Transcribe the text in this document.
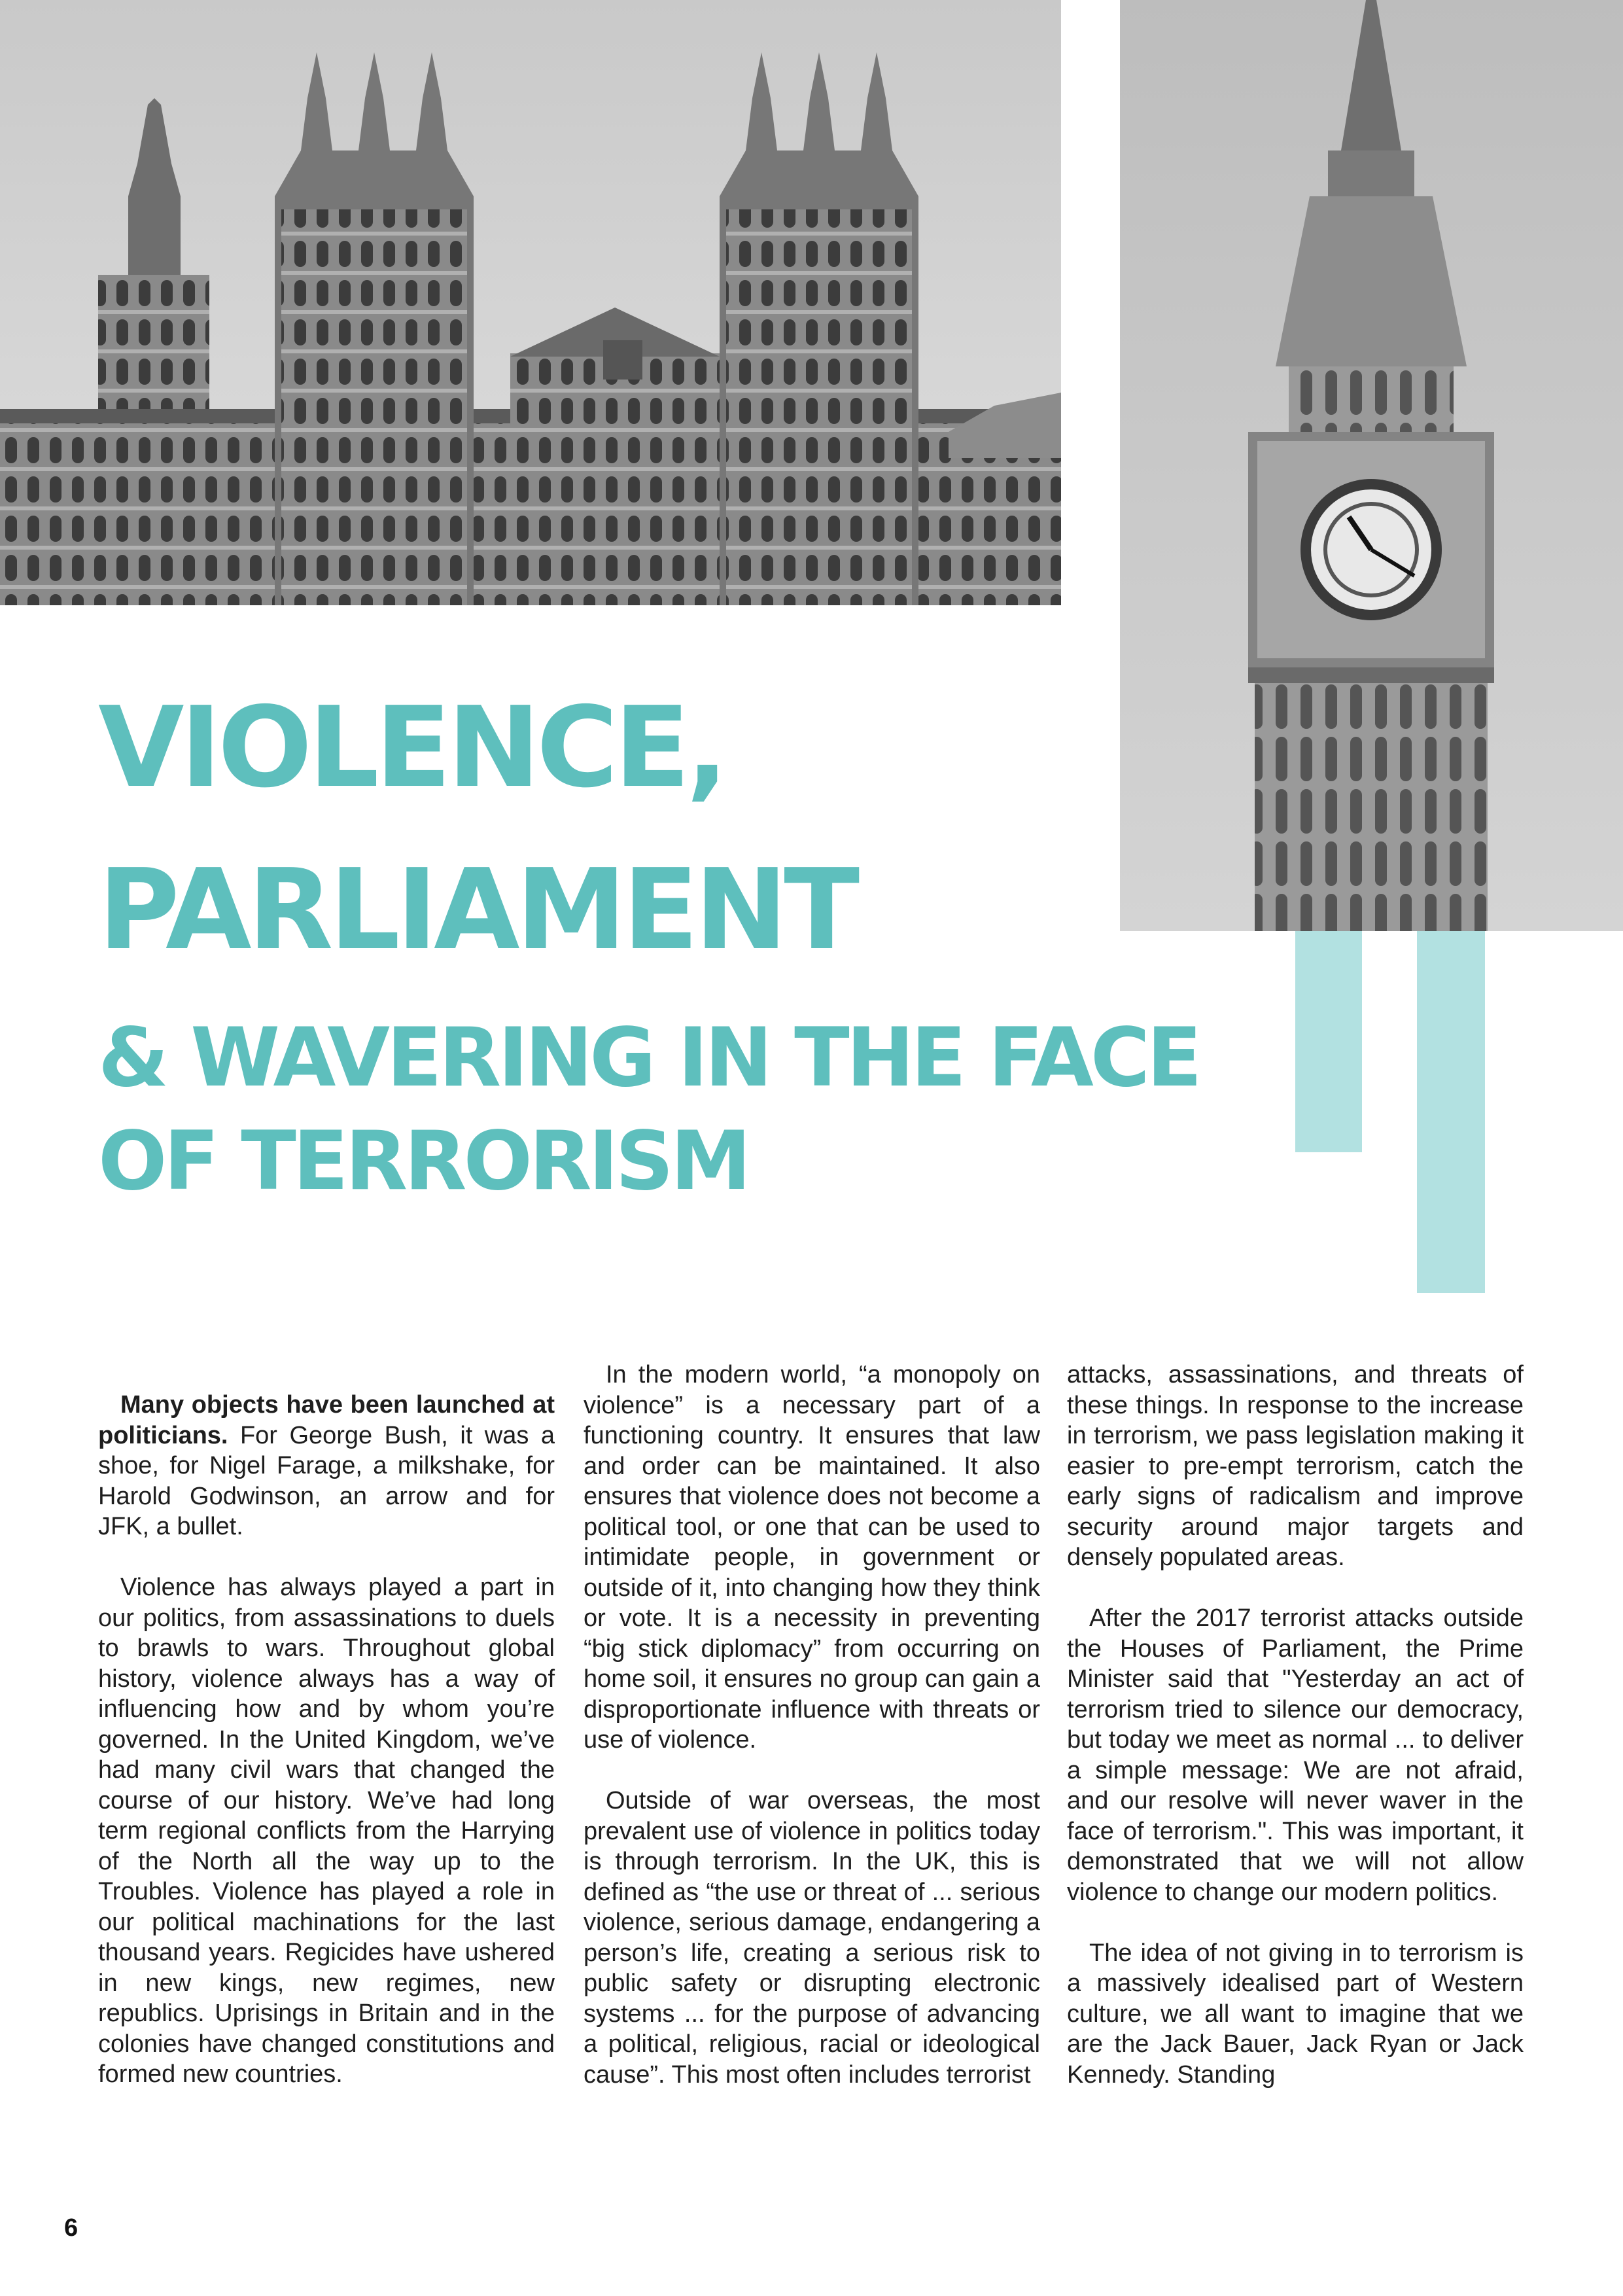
VIOLENCE,
PARLIAMENT
& WAVERING IN THE FACE
OF TERRORISM

Many objects have been launched at politicians. For George Bush, it was a shoe, for Nigel Farage, a milkshake, for Harold Godwinson, an arrow and for JFK, a bullet.

Violence has always played a part in our politics, from assassinations to duels to brawls to wars. Throughout global history, violence always has a way of influencing how and by whom you’re governed. In the United Kingdom, we’ve had many civil wars that changed the course of our history. We’ve had long term regional conflicts from the Harrying of the North all the way up to the Troubles. Violence has played a role in our political machinations for the last thousand years. Regicides have ushered in new kings, new regimes, new republics. Uprisings in Britain and in the colonies have changed constitutions and formed new countries.

In the modern world, “a monopoly on violence” is a necessary part of a functioning country. It ensures that law and order can be maintained. It also ensures that violence does not become a political tool, or one that can be used to intimidate people, in government or outside of it, into changing how they think or vote. It is a necessity in preventing “big stick diplomacy” from occurring on home soil, it ensures no group can gain a disproportionate influence with threats or use of violence.

Outside of war overseas, the most prevalent use of violence in politics today is through terrorism. In the UK, this is defined as “the use or threat of ... serious violence, serious damage, endangering a person’s life, creating a serious risk to public safety or disrupting electronic systems ... for the purpose of advancing a political, religious, racial or ideological cause”. This most often includes terrorist

attacks, assassinations, and threats of these things. In response to the increase in terrorism, we pass legislation making it easier to pre-empt terrorism, catch the early signs of radicalism and improve security around major targets and densely populated areas.

After the 2017 terrorist attacks outside the Houses of Parliament, the Prime Minister said that "Yesterday an act of terrorism tried to silence our democracy, but today we meet as normal ... to deliver a simple message: We are not afraid, and our resolve will never waver in the face of terrorism.". This was important, it demonstrated that we will not allow violence to change our modern politics.

The idea of not giving in to terrorism is a massively idealised part of Western culture, we all want to imagine that we are the Jack Bauer, Jack Ryan or Jack Kennedy. Standing

6
